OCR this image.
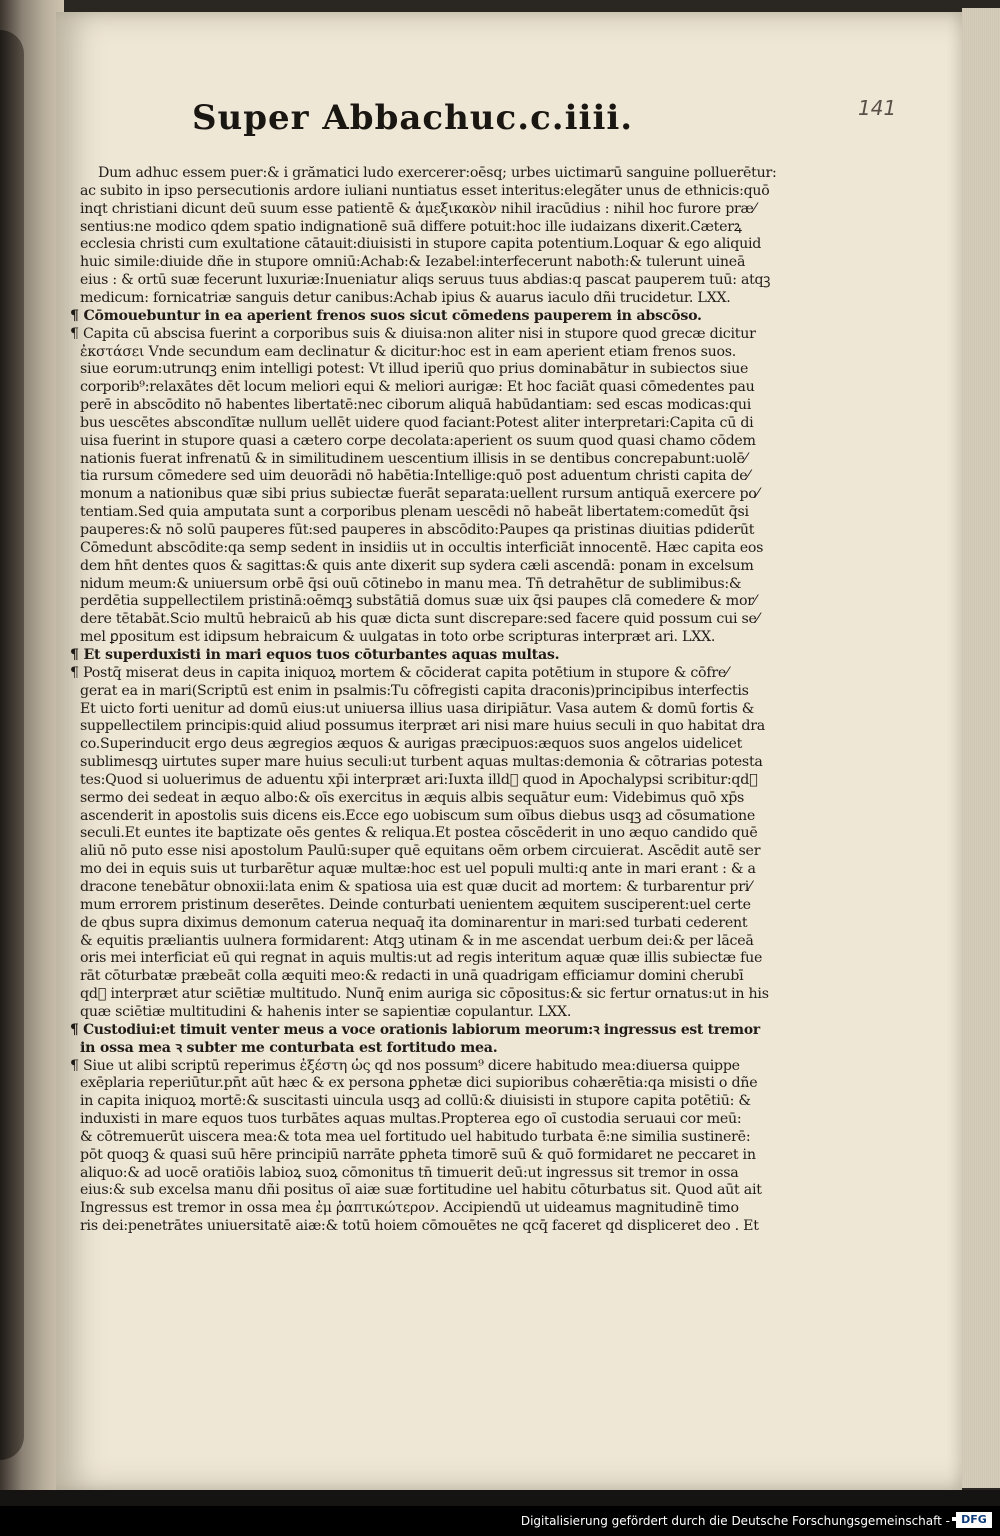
Super Abbachuc.c.iiii.	141
Dum adhuc essem puer:& i grămatici ludo exercerer:oēsq; urbes uictimarū sanguine polluerētur:
ac subito in ipso persecutionis ardore iuliani nuntiatus esset interitus:elegăter unus de ethnicis:quō
inqt christiani dicunt deū suum esse patientē & ἀμεξικακὸν nihil iracūdius : nihil hoc furore præ⁄
sentius:ne modico qdem spatio indignationē suā differe potuit:hoc ille iudaizans dixerit.Cæterꝝ
ecclesia christi cum exultatione cātauit:diuisisti in stupore capita potentium.Loquar & ego aliquid
huic simile:diuide dñe in stupore omniū:Achab:& Iezabel:interfecerunt naboth:& tulerunt uineā
eius : & ortū suæ fecerunt luxuriæ:Inueniatur aliqs seruus tuus abdias:q pascat pauperem tuū: atqꝫ
medicum: fornicatriæ sanguis detur canibus:Achab ipius & auarus iaculo dñi trucidetur. LXX.
¶ Cōmouebuntur in ea aperient frenos suos sicut cōmedens pauperem in abscōso.
¶ Capita cū abscisa fuerint a corporibus suis & diuisa:non aliter nisi in stupore quod grecæ dicitur
ἐκστάσει Vnde secundum eam declinatur & dicitur:hoc est in eam aperient etiam frenos suos.
siue eorum:utrunqꝫ enim intelligi potest: Vt illud iperiū quo prius dominabātur in subiectos siue
corporib⁹:relaxātes dēt locum meliori equi & meliori aurigæ: Et hoc faciāt quasi cōmedentes pau
perē in abscōdito nō habentes libertatē:nec ciborum aliquā habūdantiam: sed escas modicas:qui
bus uescētes abscondītæ nullum uellēt uidere quod faciant:Potest aliter interpretari:Capita cū di
uisa fuerint in stupore quasi a cætero corpe decolata:aperient os suum quod quasi chamo cōdem
nationis fuerat infrenatū & in similitudinem uescentium illisis in se dentibus concrepabunt:uolē⁄
tia rursum cōmedere sed uim deuorādi nō habētia:Intellige:quō post aduentum christi capita de⁄
monum a nationibus quæ sibi prius subiectæ fuerāt separata:uellent rursum antiquā exercere po⁄
tentiam.Sed quia amputata sunt a corporibus plenam uescēdi nō habeāt libertatem:comedūt q̄si
pauperes:& nō solū pauperes fūt:sed pauperes in abscōdito:Paupes qa pristinas diuitias pdiderūt
Cōmedunt abscōdite:qa semp sedent in insidiis ut in occultis interficiāt innocentē. Hæc capita eos
dem hn̄t dentes quos & sagittas:& quis ante dixerit sup sydera cæli ascendā: ponam in excelsum
nidum meum:& uniuersum orbē q̄si ouū cōtinebo in manu mea. Tn̄ detrahētur de sublimibus:&
perdētia suppellectilem pristinā:oēmqꝫ substātiā domus suæ uix q̄si paupes clā comedere & mor⁄
dere tētabāt.Scio multū hebraicū ab his quæ dicta sunt discrepare:sed facere quid possum cui se⁄
mel ꝑpositum est idipsum hebraicum & uulgatas in toto orbe scripturas interpræt ari. LXX.
¶ Et superduxisti in mari equos tuos cōturbantes aquas multas.
¶ Postq̄ miserat deus in capita iniquoꝝ mortem & cōciderat capita potētium in stupore & cōfre⁄
gerat ea in mari(Scriptū est enim in psalmis:Tu cōfregisti capita draconis)principibus interfectis
Et uicto forti uenitur ad domū eius:ut uniuersa illius uasa diripiātur. Vasa autem & domū fortis &
suppellectilem principis:quid aliud possumus iterpræt ari nisi mare huius seculi in quo habitat dra
co.Superinducit ergo deus ægregios æquos & aurigas præcipuos:æquos suos angelos uidelicet
sublimesqꝫ uirtutes super mare huius seculi:ut turbent aquas multas:demonia & cōtrarias potesta
tes:Quod si uoluerimus de aduentu xp̄i interpræt ari:Iuxta illd᷑ quod in Apochalypsi scribitur:qd᷑
sermo dei sedeat in æquo albo:& oīs exercitus in æquis albis sequātur eum: Videbimus quō xp̄s
ascenderit in apostolis suis dicens eis.Ecce ego uobiscum sum oībus diebus usqꝫ ad cōsumatione
seculi.Et euntes ite baptizate oēs gentes & reliqua.Et postea cōscēderit in uno æquo candido quē
aliū nō puto esse nisi apostolum Paulū:super quē equitans oēm orbem circuierat. Ascēdit autē ser
mo dei in equis suis ut turbarētur aquæ multæ:hoc est uel populi multi:q ante in mari erant : & a
dracone tenebātur obnoxii:lata enim & spatiosa uia est quæ ducit ad mortem: & turbarentur pri⁄
mum errorem pristinum deserētes. Deinde conturbati uenientem æquitem susciperent:uel certe
de qbus supra diximus demonum caterua nequaq̄ ita dominarentur in mari:sed turbati cederent
& equitis præliantis uulnera formidarent: Atqꝫ utinam & in me ascendat uerbum dei:& per lāceā
oris mei interficiat eū qui regnat in aquis multis:ut ad regis interitum aquæ quæ illis subiectæ fue
rāt cōturbatæ præbeāt colla æquiti meo:& redacti in unā quadrigam efficiamur domini cherubī
qd᷑ interpræt atur sciētiæ multitudo. Nunq̄ enim auriga sic cōpositus:& sic fertur ornatus:ut in his
quæ sciētiæ multitudini & hahenis inter se sapientiæ copulantur. LXX.
¶ Custodiui:et timuit venter meus a voce orationis labiorum meorum:ꝛ ingressus est tremor
in ossa mea ꝛ subter me conturbata est fortitudo mea.
¶ Siue ut alibi scriptū reperimus ἐξέστη ὡς qd nos possum⁹ dicere habitudo mea:diuersa quippe
exēplaria reperiūtur.pn̄t aūt hæc & ex persona ꝑphetæ dici supioribus cohærētia:qa misisti o dñe
in capita iniquoꝝ mortē:& suscitasti uincula usqꝫ ad collū:& diuisisti in stupore capita potētiū: &
induxisti in mare equos tuos turbātes aquas multas.Propterea ego oī custodia seruaui cor meū:
& cōtremuerūt uiscera mea:& tota mea uel fortitudo uel habitudo turbata ē:ne similia sustinerē:
pōt quoqꝫ & quasi suū hēre principiū narrāte ꝑpheta timorē suū & quō formidaret ne peccaret in
aliquo:& ad uocē oratiōis labioꝝ suoꝝ cōmonitus tn̄ timuerit deū:ut ingressus sit tremor in ossa
eius:& sub excelsa manu dñi positus oī aiæ suæ fortitudine uel habitu cōturbatus sit. Quod aūt ait
Ingressus est tremor in ossa mea ἐμ ῥαπτικώτερον. Accipiendū ut uideamus magnitudinē timo
ris dei:penetrātes uniuersitatē aiæ:& totū hoiem cōmouētes ne qcq̄ faceret qd displiceret deo . Et
Digitalisierung gefördert durch die Deutsche Forschungsgemeinschaft -	DFG
